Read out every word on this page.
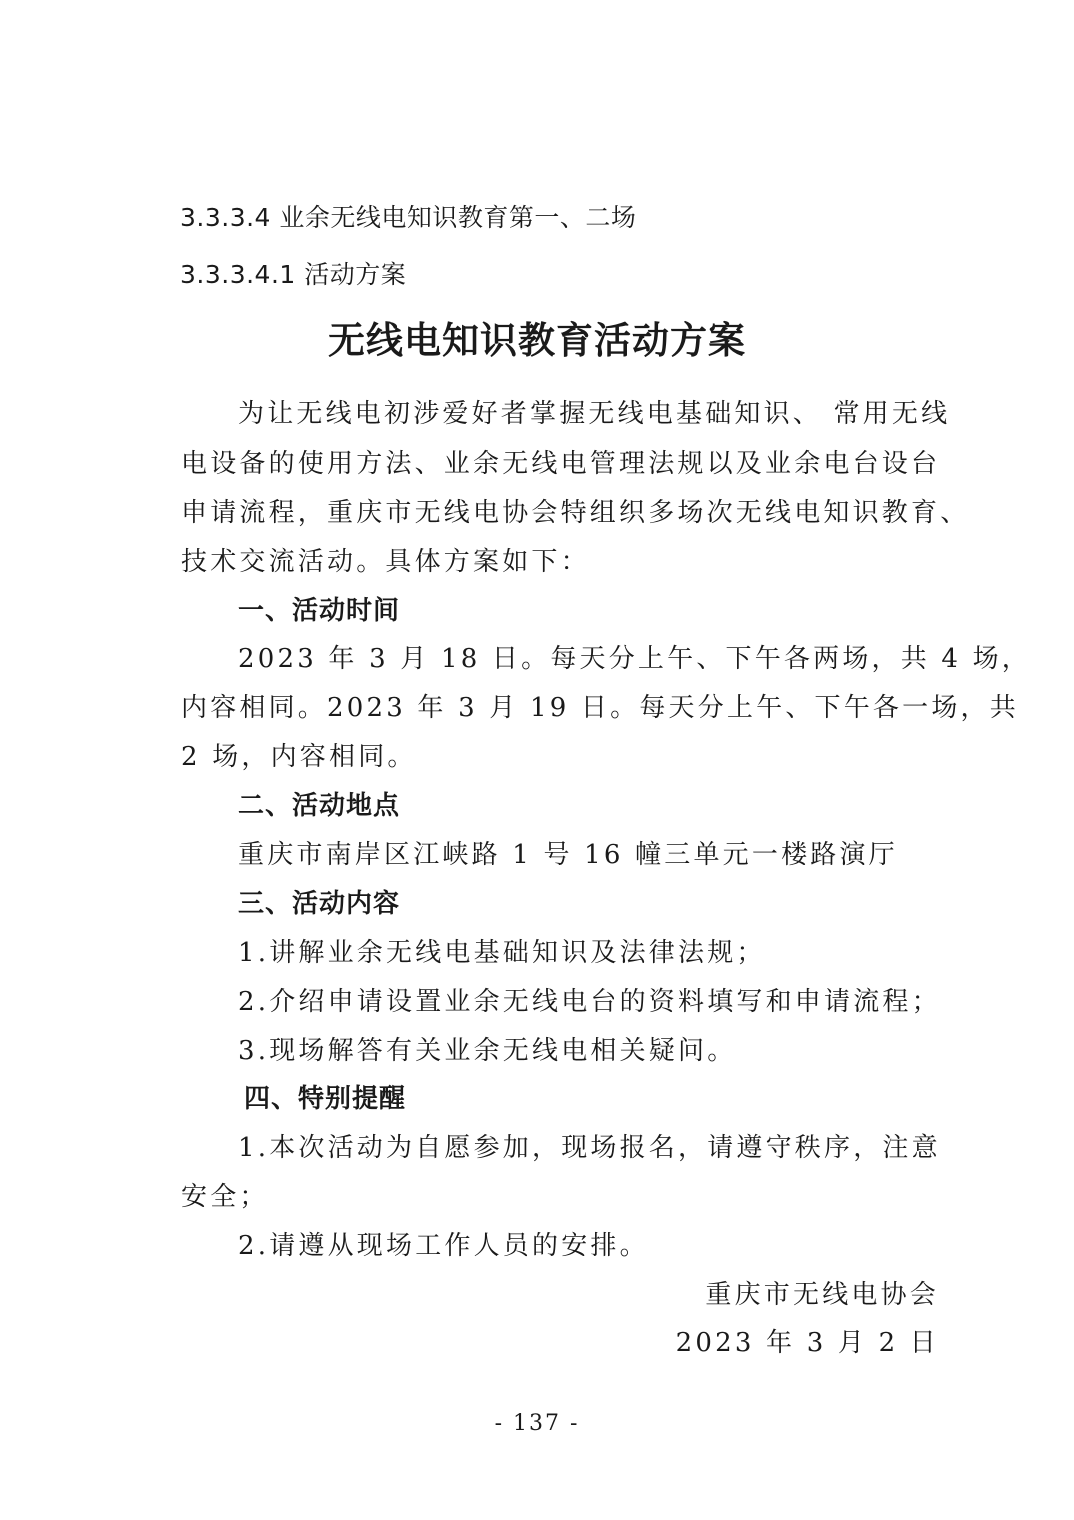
3.3.3.4 业余无线电知识教育第一、二场
3.3.3.4.1 活动方案
无线电知识教育活动方案
为让无线电初涉爱好者掌握无线电基础知识、 常用无线
电设备的使用方法、业余无线电管理法规以及业余电台设台
申请流程，重庆市无线电协会特组织多场次无线电知识教育、
技术交流活动。具体方案如下：
一、活动时间
2023 年 3 月 18 日。每天分上午、下午各两场，共 4 场，
内容相同。2023 年 3 月 19 日。每天分上午、下午各一场，共
2 场，内容相同。
二、活动地点
重庆市南岸区江峡路 1 号 16 幢三单元一楼路演厅
三、活动内容
1.讲解业余无线电基础知识及法律法规；
2.介绍申请设置业余无线电台的资料填写和申请流程；
3.现场解答有关业余无线电相关疑问。
四、特别提醒
1.本次活动为自愿参加，现场报名，请遵守秩序，注意
安全；
2.请遵从现场工作人员的安排。
重庆市无线电协会
2023 年 3 月 2 日
- 137 -
